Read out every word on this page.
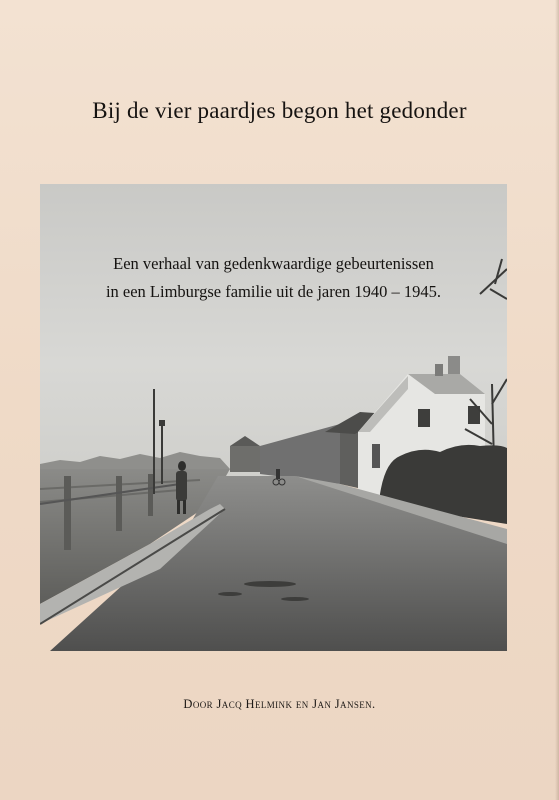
Bij de vier paardjes begon het gedonder
Een verhaal van gedenkwaardige gebeurtenissen
in een Limburgse familie uit de jaren 1940 – 1945.
Door Jacq Helmink en Jan Jansen.
